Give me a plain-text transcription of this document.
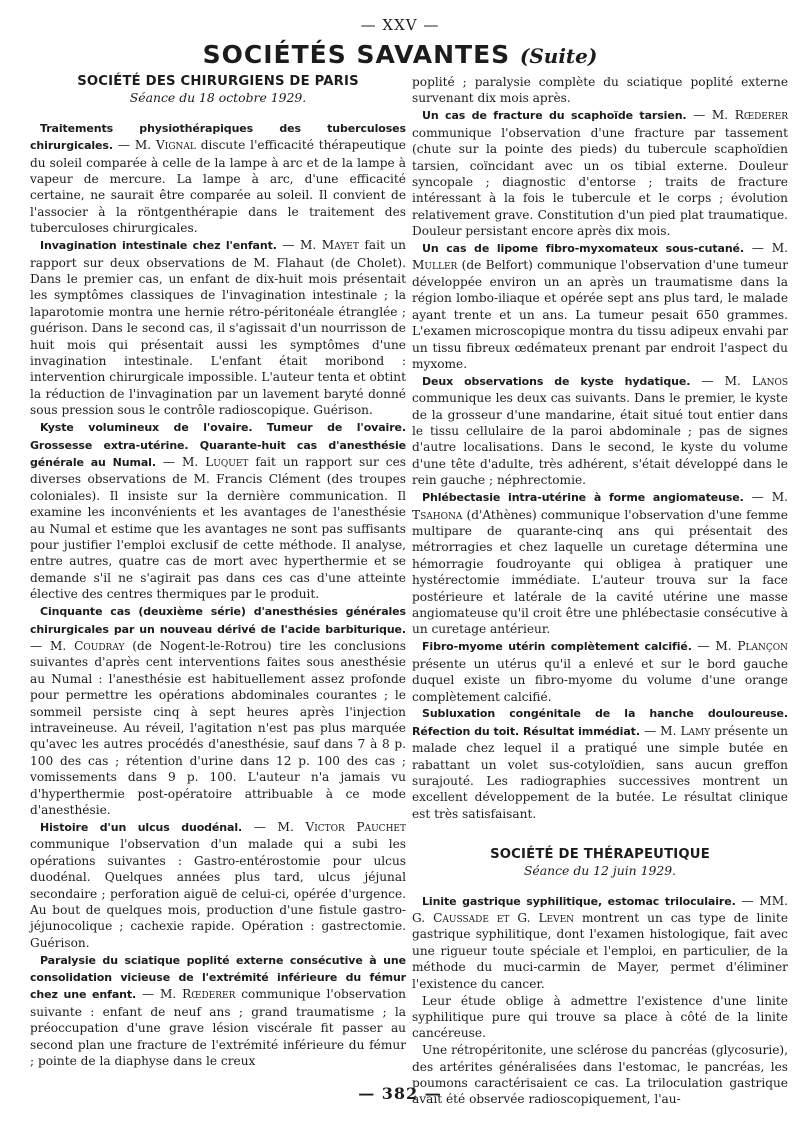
— XXV —
SOCIÉTÉS SAVANTES (Suite)
SOCIÉTÉ DES CHIRURGIENS DE PARIS
Séance du 18 octobre 1929.

Traitements physiothérapiques des tuberculoses chirurgicales. — M. Vignal discute l'efficacité thérapeutique du soleil comparée à celle de la lampe à arc et de la lampe à vapeur de mercure. La lampe à arc, d'une efficacité certaine, ne saurait être comparée au soleil. Il convient de l'associer à la röntgenthérapie dans le traitement des tuberculoses chirurgicales.

Invagination intestinale chez l'enfant. — M. Mayet fait un rapport sur deux observations de M. Flahaut (de Cholet). Dans le premier cas, un enfant de dix-huit mois présentait les symptômes classiques de l'invagination intestinale ; la laparotomie montra une hernie rétro-péritonéale étranglée ; guérison. Dans le second cas, il s'agissait d'un nourrisson de huit mois qui présentait aussi les symptômes d'une invagination intestinale. L'enfant était moribond : intervention chirurgicale impossible. L'auteur tenta et obtint la réduction de l'invagination par un lavement baryté donné sous pression sous le contrôle radioscopique. Guérison.

Kyste volumineux de l'ovaire. Tumeur de l'ovaire. Grossesse extra-utérine. Quarante-huit cas d'anesthésie générale au Numal. — M. Luquet fait un rapport sur ces diverses observations de M. Francis Clément (des troupes coloniales). Il insiste sur la dernière communication. Il examine les inconvénients et les avantages de l'anesthésie au Numal et estime que les avantages ne sont pas suffisants pour justifier l'emploi exclusif de cette méthode. Il analyse, entre autres, quatre cas de mort avec hyperthermie et se demande s'il ne s'agirait pas dans ces cas d'une atteinte élective des centres thermiques par le produit.

Cinquante cas (deuxième série) d'anesthésies générales chirurgicales par un nouveau dérivé de l'acide barbiturique. — M. Coudray (de Nogent-le-Rotrou) tire les conclusions suivantes d'après cent interventions faites sous anesthésie au Numal : l'anesthésie est habituellement assez profonde pour permettre les opérations abdominales courantes ; le sommeil persiste cinq à sept heures après l'injection intraveineuse. Au réveil, l'agitation n'est pas plus marquée qu'avec les autres procédés d'anesthésie, sauf dans 7 à 8 p. 100 des cas ; rétention d'urine dans 12 p. 100 des cas ; vomissements dans 9 p. 100. L'auteur n'a jamais vu d'hyperthermie post-opératoire attribuable à ce mode d'anesthésie.

Histoire d'un ulcus duodénal. — M. Victor Pauchet communique l'observation d'un malade qui a subi les opérations suivantes : Gastro-entérostomie pour ulcus duodénal. Quelques années plus tard, ulcus jéjunal secondaire ; perforation aiguë de celui-ci, opérée d'urgence. Au bout de quelques mois, production d'une fistule gastro-jéjunocolique ; cachexie rapide. Opération : gastrectomie. Guérison.

Paralysie du sciatique poplité externe consécutive à une consolidation vicieuse de l'extrémité inférieure du fémur chez une enfant. — M. Rœderer communique l'observation suivante : enfant de neuf ans ; grand traumatisme ; la préoccupation d'une grave lésion viscérale fit passer au second plan une fracture de l'extrémité inférieure du fémur ; pointe de la diaphyse dans le creux

poplité ; paralysie complète du sciatique poplité externe survenant dix mois après.

Un cas de fracture du scaphoïde tarsien. — M. Rœderer communique l'observation d'une fracture par tassement (chute sur la pointe des pieds) du tubercule scaphoïdien tarsien, coïncidant avec un os tibial externe. Douleur syncopale ; diagnostic d'entorse ; traits de fracture intéressant à la fois le tubercule et le corps ; évolution relativement grave. Constitution d'un pied plat traumatique. Douleur persistant encore après dix mois.

Un cas de lipome fibro-myxomateux sous-cutané. — M. Muller (de Belfort) communique l'observation d'une tumeur développée environ un an après un traumatisme dans la région lombo-iliaque et opérée sept ans plus tard, le malade ayant trente et un ans. La tumeur pesait 650 grammes. L'examen microscopique montra du tissu adipeux envahi par un tissu fibreux œdémateux prenant par endroit l'aspect du myxome.

Deux observations de kyste hydatique. — M. Lanos communique les deux cas suivants. Dans le premier, le kyste de la grosseur d'une mandarine, était situé tout entier dans le tissu cellulaire de la paroi abdominale ; pas de signes d'autre localisations. Dans le second, le kyste du volume d'une tête d'adulte, très adhérent, s'était développé dans le rein gauche ; néphrectomie.

Phlébectasie intra-utérine à forme angiomateuse. — M. Tsahona (d'Athènes) communique l'observation d'une femme multipare de quarante-cinq ans qui présentait des métrorragies et chez laquelle un curetage détermina une hémorragie foudroyante qui obligea à pratiquer une hystérectomie immédiate. L'auteur trouva sur la face postérieure et latérale de la cavité utérine une masse angiomateuse qu'il croit être une phlébectasie consécutive à un curetage antérieur.

Fibro-myome utérin complètement calcifié. — M. Plançon présente un utérus qu'il a enlevé et sur le bord gauche duquel existe un fibro-myome du volume d'une orange complètement calcifié.

Subluxation congénitale de la hanche douloureuse. Réfection du toit. Résultat immédiat. — M. Lamy présente un malade chez lequel il a pratiqué une simple butée en rabattant un volet sus-cotyloïdien, sans aucun greffon surajouté. Les radiographies successives montrent un excellent développement de la butée. Le résultat clinique est très satisfaisant.

SOCIÉTÉ DE THÉRAPEUTIQUE
Séance du 12 juin 1929.

Linite gastrique syphilitique, estomac triloculaire. — MM. G. Caussade et G. Leven montrent un cas type de linite gastrique syphilitique, dont l'examen histologique, fait avec une rigueur toute spéciale et l'emploi, en particulier, de la méthode du muci-carmin de Mayer, permet d'éliminer l'existence du cancer.

Leur étude oblige à admettre l'existence d'une linite syphilitique pure qui trouve sa place à côté de la linite cancéreuse.

Une rétropéritonite, une sclérose du pancréas (glycosurie), des artérites généralisées dans l'estomac, le pancréas, les poumons caractérisaient ce cas. La triloculation gastrique avait été observée radioscopiquement, l'au-

— 382 —
